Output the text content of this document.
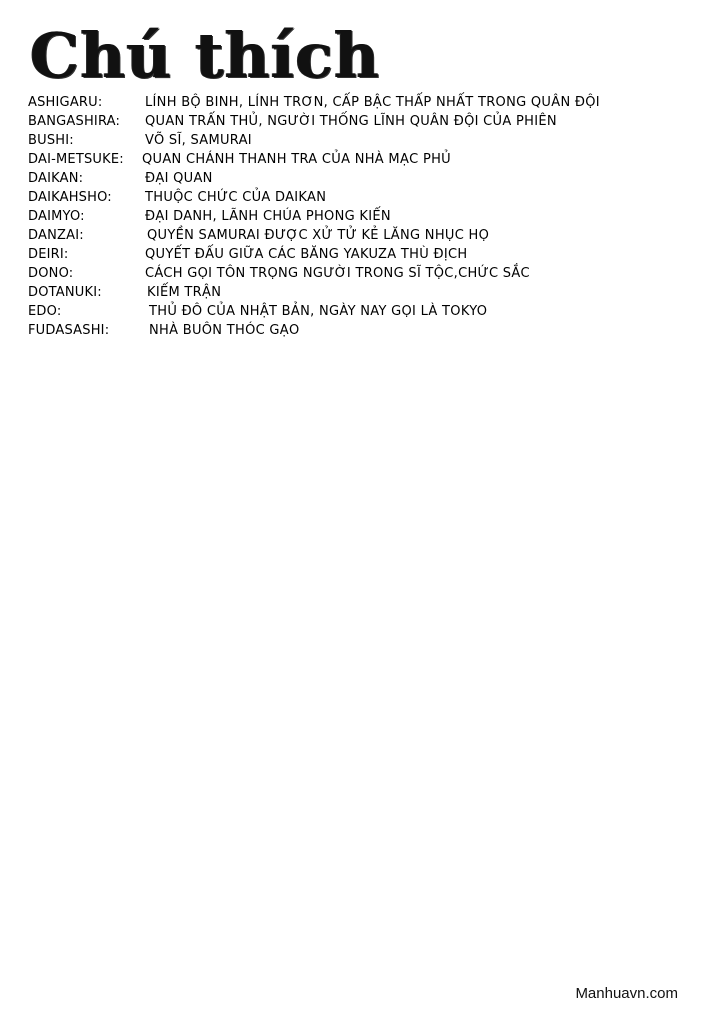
Chú thích
ASHIGARU:	LÍNH BỘ BINH, LÍNH TRƠN, CẤP BẬC THẤP NHẤT TRONG QUÂN ĐỘI
BANGASHIRA: QUAN TRẤN THỦ, NGƯỜI THỐNG LĨNH QUÂN ĐỘI CỦA PHIÊN
BUSHI:	VÕ SĨ, SAMURAI
DAI-METSUKE: QUAN CHÁNH THANH TRA CỦA NHÀ MẠC PHỦ
DAIKAN:	ĐẠI QUAN
DAIKAHSHO:	THUỘC CHỨC CỦA DAIKAN
DAIMYO:	ĐẠI DANH, LÃNH CHÚA PHONG KIẾN
DANZAI:	QUYỀN SAMURAI ĐƯỢC XỬ TỬ KẺ LĂNG NHỤC HỌ
DEIRI:	QUYẾT ĐẤU GIỮA CÁC BĂNG YAKUZA THÙ ĐỊCH
DONO:	CÁCH GỌI TÔN TRỌNG NGƯỜI TRONG SĨ TỘC,CHỨC SẮC
DOTANUKI:	KIẾM TRẬN
EDO:	THỦ ĐÔ CỦA NHẬT BẢN, NGÀY NAY GỌI LÀ TOKYO
FUDASASHI:	NHÀ BUÔN THÓC GẠO
Manhuavn.com
